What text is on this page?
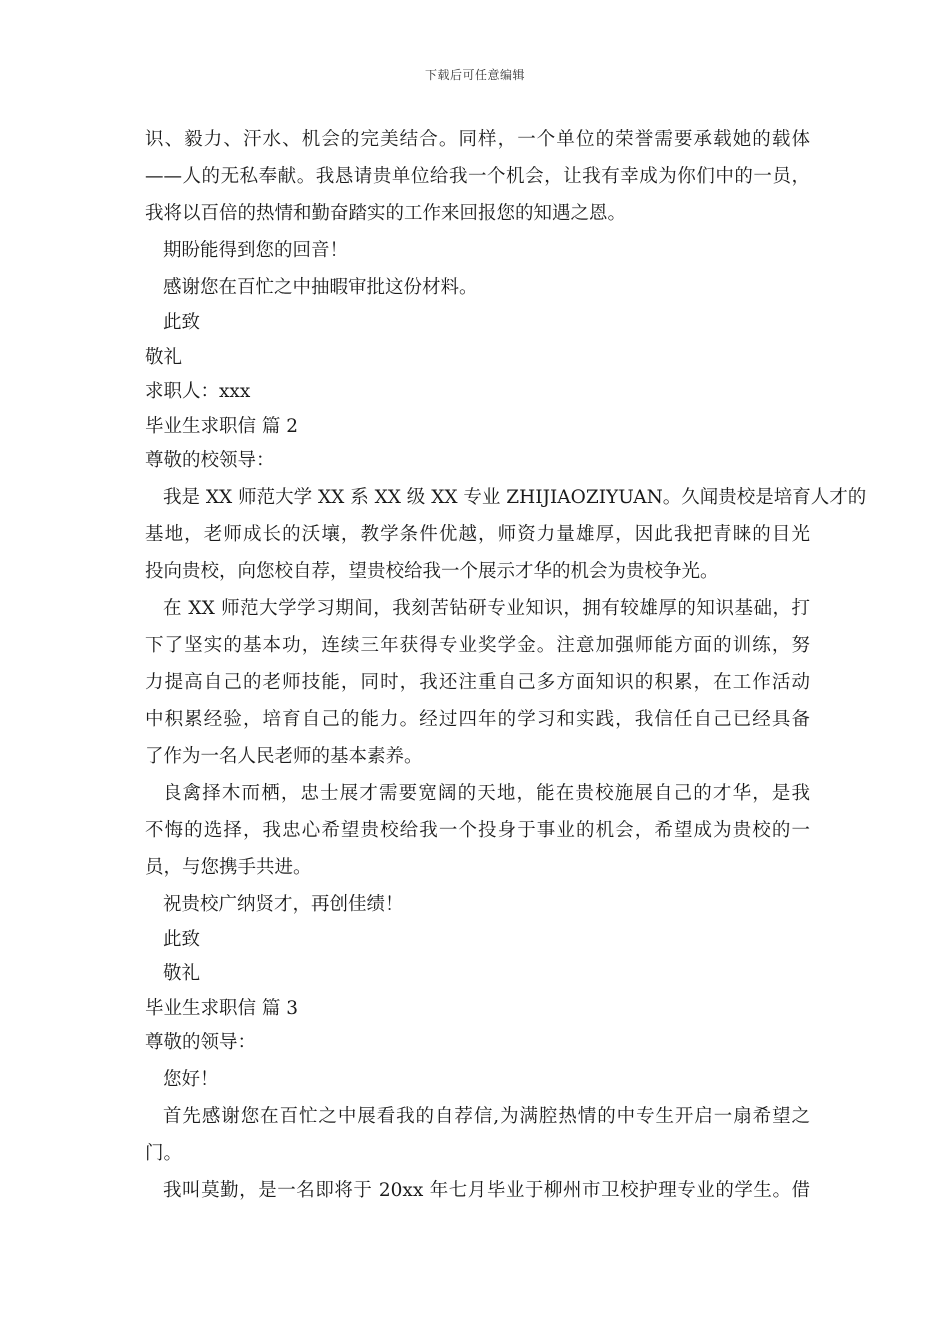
下载后可任意编辑
识、毅力、汗水、机会的完美结合。同样，一个单位的荣誉需要承载她的载体
——人的无私奉献。我恳请贵单位给我一个机会，让我有幸成为你们中的一员，
我将以百倍的热情和勤奋踏实的工作来回报您的知遇之恩。
期盼能得到您的回音！
感谢您在百忙之中抽暇审批这份材料。
此致
敬礼
求职人：xxx
毕业生求职信 篇 2
尊敬的校领导：
我是 XX 师范大学 XX 系 XX 级 XX 专业 ZHIJIAOZIYUAN。久闻贵校是培育人才的
基地，老师成长的沃壤，教学条件优越，师资力量雄厚，因此我把青睐的目光
投向贵校，向您校自荐，望贵校给我一个展示才华的机会为贵校争光。
在 XX 师范大学学习期间，我刻苦钻研专业知识，拥有较雄厚的知识基础，打
下了坚实的基本功，连续三年获得专业奖学金。注意加强师能方面的训练，努
力提高自己的老师技能，同时，我还注重自己多方面知识的积累，在工作活动
中积累经验，培育自己的能力。经过四年的学习和实践，我信任自己已经具备
了作为一名人民老师的基本素养。
良禽择木而栖，忠士展才需要宽阔的天地，能在贵校施展自己的才华，是我
不悔的选择，我忠心希望贵校给我一个投身于事业的机会，希望成为贵校的一
员，与您携手共进。
祝贵校广纳贤才，再创佳绩！
此致
敬礼
毕业生求职信 篇 3
尊敬的领导：
您好！
首先感谢您在百忙之中展看我的自荐信,为满腔热情的中专生开启一扇希望之
门。
我叫莫勤，是一名即将于 20xx 年七月毕业于柳州市卫校护理专业的学生。借
